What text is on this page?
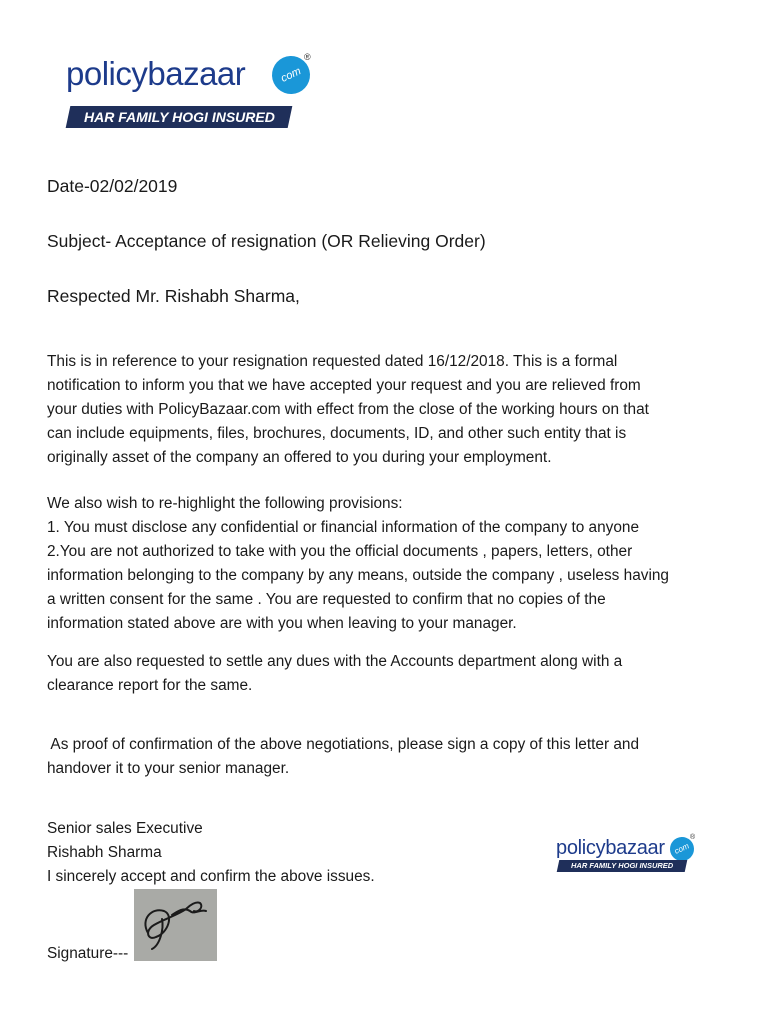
policybazaar	com
®
HAR FAMILY HOGI INSURED
Date-02/02/2019
Subject- Acceptance of resignation (OR Relieving Order)
Respected Mr. Rishabh Sharma,
This is in reference to your resignation requested dated 16/12/2018. This is a formal
notification to inform you that we have accepted your request and you are relieved from
your duties with PolicyBazaar.com with effect from the close of the working hours on that
can include equipments, files, brochures, documents, ID, and other such entity that is
originally asset of the company an offered to you during your employment.
We also wish to re-highlight the following provisions:
1. You must disclose any confidential or financial information of the company to anyone
2.You are not authorized to take with you the official documents , papers, letters, other
information belonging to the company by any means, outside the company , useless having
a written consent for the same . You are requested to confirm that no copies of the
information stated above are with you when leaving to your manager.
You are also requested to settle any dues with the Accounts department along with a
clearance report for the same.
As proof of confirmation of the above negotiations, please sign a copy of this letter and
handover it to your senior manager.
Senior sales Executive
Rishabh Sharma
I sincerely accept and confirm the above issues.
policybazaar	com
®
HAR FAMILY HOGI INSURED
Signature---
